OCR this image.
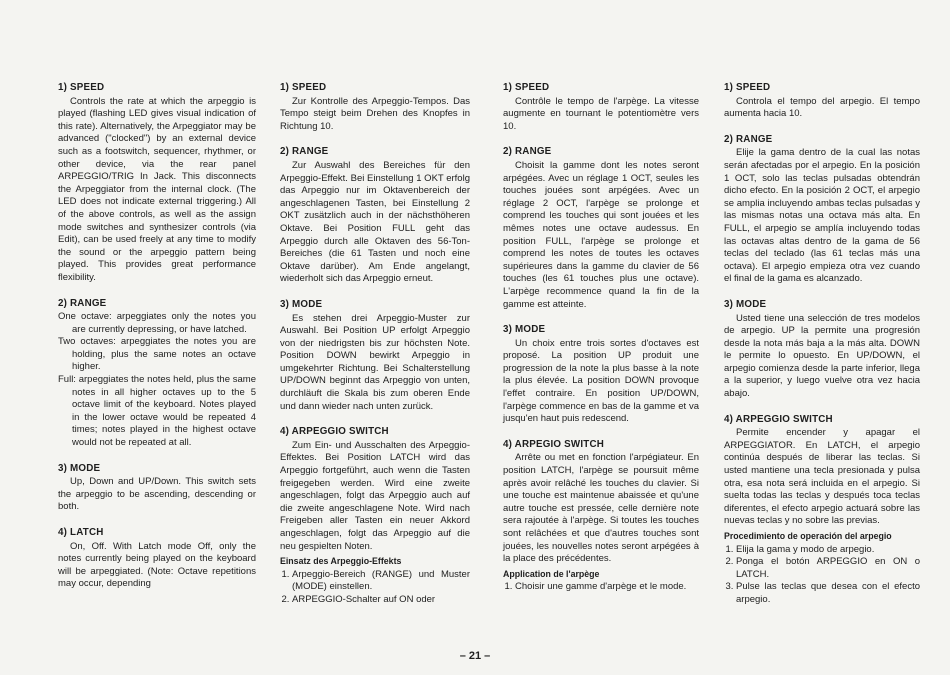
1) SPEED

Controls the rate at which the arpeggio is played (flashing LED gives visual indication of this rate). Alternatively, the Arpeggiator may be advanced ("clocked") by an external device such as a footswitch, sequencer, rhythmer, or other device, via the rear panel ARPEGGIO/TRIG In Jack. This disconnects the Arpeggiator from the internal clock. (The LED does not indicate external triggering.) All of the above controls, as well as the assign mode switches and synthesizer controls (via Edit), can be used freely at any time to modify the sound or the arpeggio pattern being played. This provides great performance flexibility.

2) RANGE

One octave: arpeggiates only the notes you are currently depressing, or have latched.

Two octaves: arpeggiates the notes you are holding, plus the same notes an octave higher.

Full: arpeggiates the notes held, plus the same notes in all higher octaves up to the 5 octave limit of the keyboard. Notes played in the lower octave would be repeated 4 times; notes played in the highest octave would not be repeated at all.

3) MODE

Up, Down and UP/Down. This switch sets the arpeggio to be ascending, descending or both.

4) LATCH

On, Off. With Latch mode Off, only the notes currently being played on the keyboard will be arpeggiated. (Note: Octave repetitions may occur, depending

1) SPEED

Zur Kontrolle des Arpeggio-Tempos. Das Tempo steigt beim Drehen des Knopfes in Richtung 10.

2) RANGE

Zur Auswahl des Bereiches für den Arpeggio-Effekt. Bei Einstellung 1 OKT erfolg das Arpeggio nur im Oktavenbereich der angeschlagenen Tasten, bei Einstellung 2 OKT zusätzlich auch in der nächsthöheren Oktave. Bei Position FULL geht das Arpeggio durch alle Oktaven des 56-Ton-Bereiches (die 61 Tasten und noch eine Oktave darüber). Am Ende angelangt, wiederholt sich das Arpeggio erneut.

3) MODE

Es stehen drei Arpeggio-Muster zur Auswahl. Bei Position UP erfolgt Arpeggio von der niedrigsten bis zur höchsten Note. Position DOWN bewirkt Arpeggio in umgekehrter Richtung. Bei Schalterstellung UP/DOWN beginnt das Arpeggio von unten, durchläuft die Skala bis zum oberen Ende und dann wieder nach unten zurück.

4) ARPEGGIO SWITCH

Zum Ein- und Ausschalten des Arpeggio-Effektes. Bei Position LATCH wird das Arpeggio fortgeführt, auch wenn die Tasten freigegeben werden. Wird eine zweite angeschlagen, folgt das Arpeggio auch auf die zweite angeschlagene Note. Wird nach Freigeben aller Tasten ein neuer Akkord angeschlagen, folgt das Arpeggio auf die neu gespielten Noten.

Einsatz des Arpeggio-Effekts
1. Arpeggio-Bereich (RANGE) und Muster (MODE) einstellen.
2. ARPEGGIO-Schalter auf ON oder
1) SPEED

Contrôle le tempo de l'arpège. La vitesse augmente en tournant le potentiomètre vers 10.

2) RANGE

Choisit la gamme dont les notes seront arpégées. Avec un réglage 1 OCT, seules les touches jouées sont arpégées. Avec un réglage 2 OCT, l'arpège se prolonge et comprend les touches qui sont jouées et les mêmes notes une octave audessus. En position FULL, l'arpège se prolonge et comprend les notes de toutes les octaves supérieures dans la gamme du clavier de 56 touches (les 61 touches plus une octave). L'arpège recommence quand la fin de la gamme est atteinte.

3) MODE

Un choix entre trois sortes d'octaves est proposé. La position UP produit une progression de la note la plus basse à la note la plus élevée. La position DOWN provoque l'effet contraire. En position UP/DOWN, l'arpège commence en bas de la gamme et va jusqu'en haut puis redescend.

4) ARPEGIO SWITCH

Arrête ou met en fonction l'arpégiateur. En position LATCH, l'arpège se poursuit même après avoir relâché les touches du clavier. Si une touche est maintenue abaissée et qu'une autre touche est pressée, celle dernière note sera rajoutée à l'arpège. Si toutes les touches sont relâchées et que d'autres touches sont jouées, les nouvelles notes seront arpégées à la place des précédentes.

Application de l'arpège
1. Choisir une gamme d'arpège et le mode.
1) SPEED

Controla el tempo del arpegio. El tempo aumenta hacia 10.

2) RANGE

Elije la gama dentro de la cual las notas serán afectadas por el arpegio. En la posición 1 OCT, solo las teclas pulsadas obtendrán dicho efecto. En la posición 2 OCT, el arpegio se amplia incluyendo ambas teclas pulsadas y las mismas notas una octava más alta. En FULL, el arpegio se amplía incluyendo todas las octavas altas dentro de la gama de 56 teclas del teclado (las 61 teclas más una octava). El arpegio empieza otra vez cuando el final de la gama es alcanzado.

3) MODE

Usted tiene una selección de tres modelos de arpegio. UP la permite una progresión desde la nota más baja a la más alta. DOWN le permite lo opuesto. En UP/DOWN, el arpegio comienza desde la parte inferior, llega a la superior, y luego vuelve otra vez hacia abajo.

4) ARPEGGIO SWITCH

Permite encender y apagar el ARPEGGIATOR. En LATCH, el arpegio continúa después de liberar las teclas. Si usted mantiene una tecla presionada y pulsa otra, esa nota será incluida en el arpegio. Si suelta todas las teclas y después toca teclas diferentes, el efecto arpegio actuará sobre las nuevas teclas y no sobre las previas.

Procedimiento de operación del arpegio
1. Elija la gama y modo de arpegio.
2. Ponga el botón ARPEGGIO en ON o LATCH.
3. Pulse las teclas que desea con el efecto arpegio.
– 21 –
